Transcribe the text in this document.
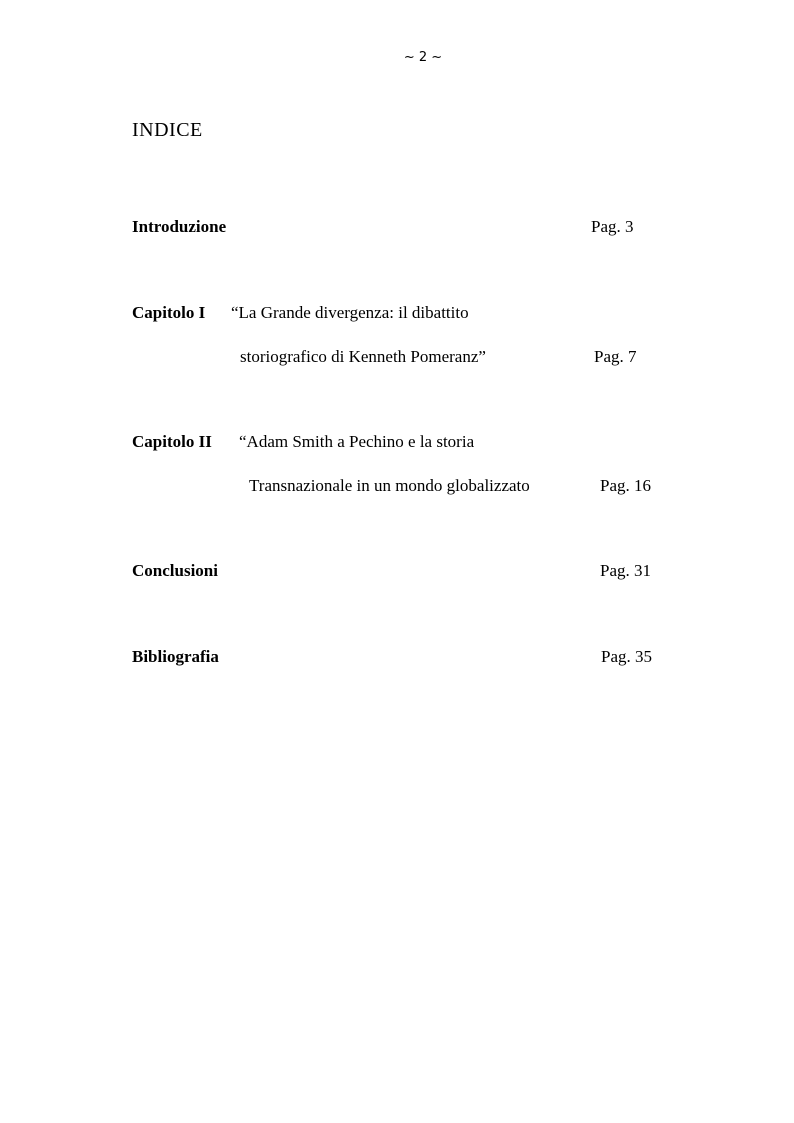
~ 2 ~
INDICE
Introduzione	Pag. 3
Capitolo I “La Grande divergenza: il dibattito
storiografico di Kenneth Pomeranz”	Pag. 7
Capitolo II “Adam Smith a Pechino e la storia
Transnazionale in un mondo globalizzato	Pag. 16
Conclusioni	Pag. 31
Bibliografia	Pag. 35
